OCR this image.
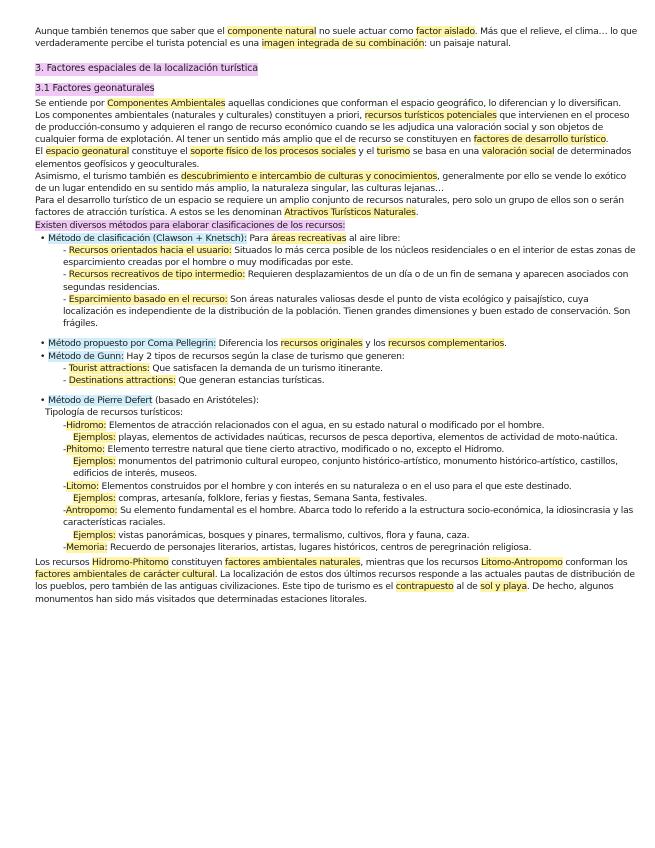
Aunque también tenemos que saber que el componente natural no suele actuar como factor aislado. Más que el relieve, el clima… lo que verdaderamente percibe el turista potencial es una imagen integrada de su combinación: un paisaje natural.

3. Factores espaciales de la localización turística
3.1 Factores geonaturales

Se entiende por Componentes Ambientales aquellas condiciones que conforman el espacio geográfico, lo diferencian y lo diversifican.

Los componentes ambientales (naturales y culturales) constituyen a priori, recursos turísticos potenciales que intervienen en el proceso de producción-consumo y adquieren el rango de recurso económico cuando se les adjudica una valoración social y son objetos de cualquier forma de explotación. Al tener un sentido más amplio que el de recurso se constituyen en factores de desarrollo turístico.

El espacio geonatural constituye el soporte físico de los procesos sociales y el turismo se basa en una valoración social de determinados elementos geofísicos y geoculturales.

Asimismo, el turismo también es descubrimiento e intercambio de culturas y conocimientos, generalmente por ello se vende lo exótico de un lugar entendido en su sentido más amplio, la naturaleza singular, las culturas lejanas…

Para el desarrollo turístico de un espacio se requiere un amplio conjunto de recursos naturales, pero solo un grupo de ellos son o serán factores de atracción turística. A estos se les denominan Atractivos Turísticos Naturales.

Existen diversos métodos para elaborar clasificaciones de los recursos:

• Método de clasificación (Clawson + Knetsch): Para áreas recreativas al aire libre:

- Recursos orientados hacia el usuario: Situados lo más cerca posible de los núcleos residenciales o en el interior de estas zonas de esparcimiento creadas por el hombre o muy modificadas por este.

- Recursos recreativos de tipo intermedio: Requieren desplazamientos de un día o de un fin de semana y aparecen asociados con segundas residencias.

- Esparcimiento basado en el recurso: Son áreas naturales valiosas desde el punto de vista ecológico y paisajístico, cuya localización es independiente de la distribución de la población. Tienen grandes dimensiones y buen estado de conservación. Son frágiles.

• Método propuesto por Coma Pellegrin: Diferencia los recursos originales y los recursos complementarios.

• Método de Gunn: Hay 2 tipos de recursos según la clase de turismo que generen:

- Tourist attractions: Que satisfacen la demanda de un turismo itinerante.

- Destinations attractions: Que generan estancias turísticas.

• Método de Pierre Defert (basado en Aristóteles):

Tipología de recursos turísticos:

-Hidromo: Elementos de atracción relacionados con el agua, en su estado natural o modificado por el hombre.

Ejemplos: playas, elementos de actividades naúticas, recursos de pesca deportiva, elementos de actividad de moto-naútica.

-Phitomo: Elemento terrestre natural que tiene cierto atractivo, modificado o no, excepto el Hidromo.

Ejemplos: monumentos del patrimonio cultural europeo, conjunto histórico-artístico, monumento histórico-artístico, castillos, edificios de interés, museos.

-Litomo: Elementos construidos por el hombre y con interés en su naturaleza o en el uso para el que este destinado.

Ejemplos: compras, artesanía, folklore, ferias y fiestas, Semana Santa, festivales.

-Antropomo: Su elemento fundamental es el hombre. Abarca todo lo referido a la estructura socio-económica, la idiosincrasia y las características raciales.

Ejemplos: vistas panorámicas, bosques y pinares, termalismo, cultivos, flora y fauna, caza.

-Memoria: Recuerdo de personajes literarios, artistas, lugares históricos, centros de peregrinación religiosa.

Los recursos Hidromo-Phitomo constituyen factores ambientales naturales, mientras que los recursos Litomo-Antropomo conforman los factores ambientales de carácter cultural. La localización de estos dos últimos recursos responde a las actuales pautas de distribución de los pueblos, pero también de las antiguas civilizaciones. Este tipo de turismo es el contrapuesto al de sol y playa. De hecho, algunos monumentos han sido más visitados que determinadas estaciones litorales.
